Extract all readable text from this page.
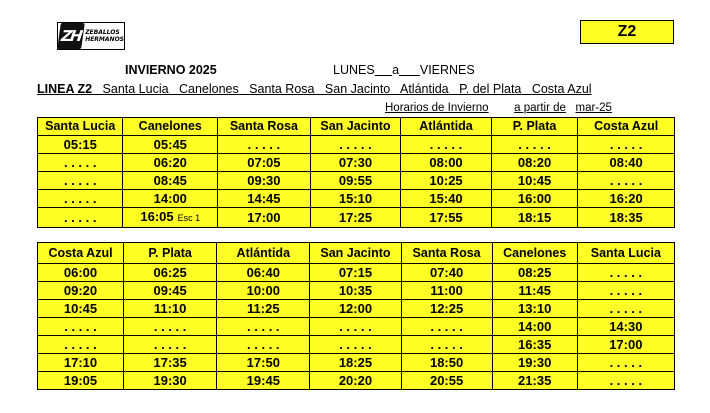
ZH ZEBALLOS
HERMANOS	Z2
INVIERNO 2025	LUNES a VIERNES
LINEA Z2 Santa Lucia Canelones Santa Rosa San Jacinto Atlántida P. del Plata Costa Azul
Horarios de Invierno a partir de mar-25
Santa Lucia	Canelones	Santa Rosa	San Jacinto	Atlántida	P. Plata	Costa Azul
05:15	05:45	. . . . .	. . . . .	. . . . .	. . . . .	. . . . .
. . . . .	06:20	07:05	07:30	08:00	08:20	08:40
. . . . .	08:45	09:30	09:55	10:25	10:45	. . . . .
. . . . .	14:00	14:45	15:10	15:40	16:00	16:20
. . . . .	16:05 Esc 1	17:00	17:25	17:55	18:15	18:35
Costa Azul	P. Plata	Atlántida	San Jacinto	Santa Rosa	Canelones	Santa Lucia
06:00	06:25	06:40	07:15	07:40	08:25	. . . . .
09:20	09:45	10:00	10:35	11:00	11:45	. . . . .
10:45	11:10	11:25	12:00	12:25	13:10	. . . . .
. . . . .	. . . . .	. . . . .	. . . . .	. . . . .	14:00	14:30
. . . . .	. . . . .	. . . . .	. . . . .	. . . . .	16:35	17:00
17:10	17:35	17:50	18:25	18:50	19:30	. . . . .
19:05	19:30	19:45	20:20	20:55	21:35	. . . . .
